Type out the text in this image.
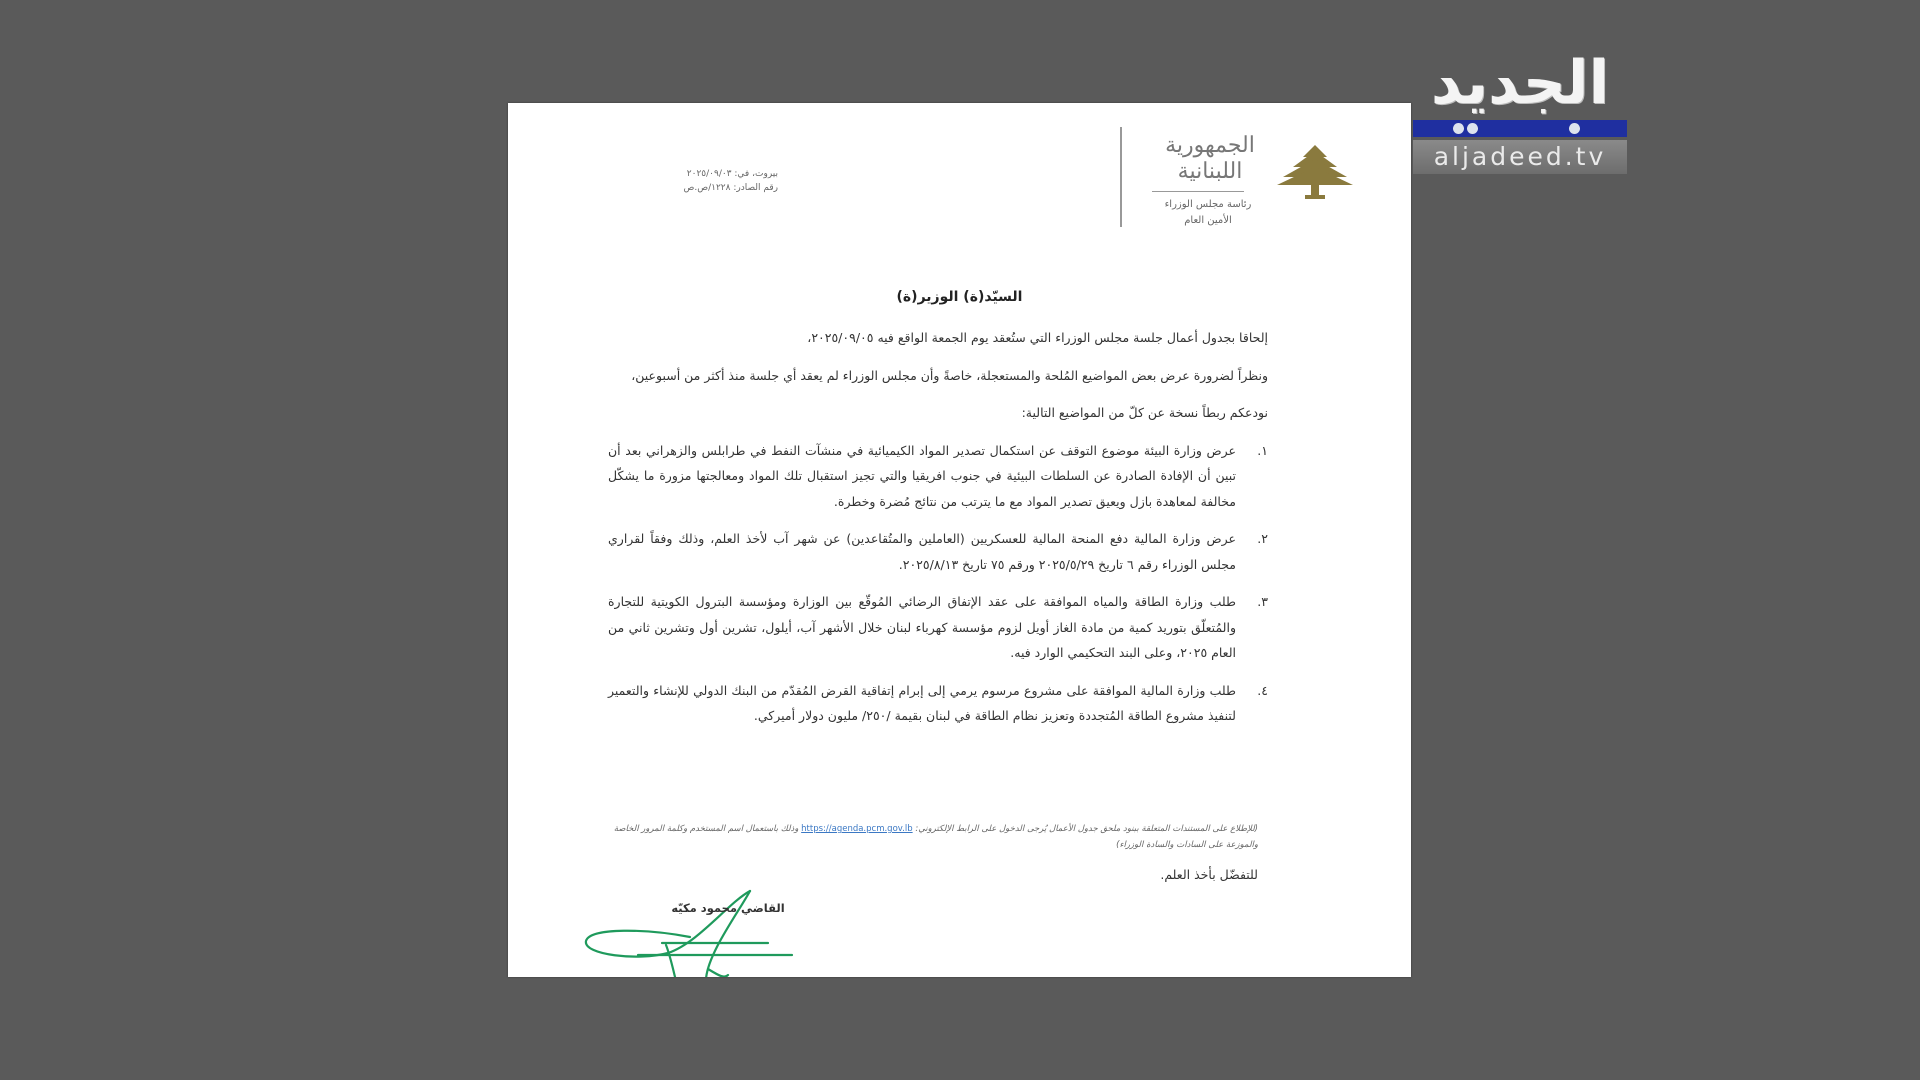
بيروت، في: ٢٠٢٥/٠٩/٠٣
رقم الصادر: ١٢٢٨/ص.ص
الجمهورية
اللبنانية
رئاسة مجلس الوزراء
الأمين العام
السيّد(ة) الوزير(ة)

إلحاقا بجدول أعمال جلسة مجلس الوزراء التي ستُعقد يوم الجمعة الواقع فيه ٢٠٢٥/٠٩/٠٥،

ونظراً لضرورة عرض بعض المواضيع المُلحة والمستعجلة، خاصةً وأن مجلس الوزراء لم يعقد أي جلسة منذ أكثر من أسبوعين،

نودعكم ربطاً نسخة عن كلّ من المواضيع التالية:

١.
عرض وزارة البيئة موضوع التوقف عن استكمال تصدير المواد الكيميائية في منشآت النفط في طرابلس والزهراني بعد أن تبين أن الإفادة الصادرة عن السلطات البيئية في جنوب افريقيا والتي تجيز استقبال تلك المواد ومعالجتها مزورة ما يشكّل مخالفة لمعاهدة بازل ويعيق تصدير المواد مع ما يترتب من نتائج مُضرة وخطرة.
٢.
عرض وزارة المالية دفع المنحة المالية للعسكريين (العاملين والمتُقاعدين) عن شهر آب لأخذ العلم، وذلك وفقاً لقراري مجلس الوزراء رقم ٦ تاريخ ٢٠٢٥/٥/٢٩ ورقم ٧٥ تاريخ ٢٠٢٥/٨/١٣.
٣.
طلب وزارة الطاقة والمياه الموافقة على عقد الإتفاق الرضائي المُوقّع بين الوزارة ومؤسسة البترول الكويتية للتجارة والمُتعلّق بتوريد كمية من مادة الغاز أويل لزوم مؤسسة كهرباء لبنان خلال الأشهر آب، أيلول، تشرين أول وتشرين ثاني من العام ٢٠٢٥، وعلى البند التحكيمي الوارد فيه.
٤.
طلب وزارة المالية الموافقة على مشروع مرسوم يرمي إلى إبرام إتفاقية القرض المُقدّم من البنك الدولي للإنشاء والتعمير لتنفيذ مشروع الطاقة المُتجددة وتعزيز نظام الطاقة في لبنان بقيمة /٢٥٠/ مليون دولار أميركي.
(للإطلاع على المستندات المتعلقة ببنود ملحق جدول الأعمال يُرجى الدخول على الرابط الإلكتروني: https://agenda.pcm.gov.lb وذلك باستعمال اسم المستخدم وكلمة المرور الخاصة والموزعة على السادات والسادة الوزراء)
للتفضّل بأخذ العلم.
القاضي محمود مكيّه
الجديد
aljadeed.tv
